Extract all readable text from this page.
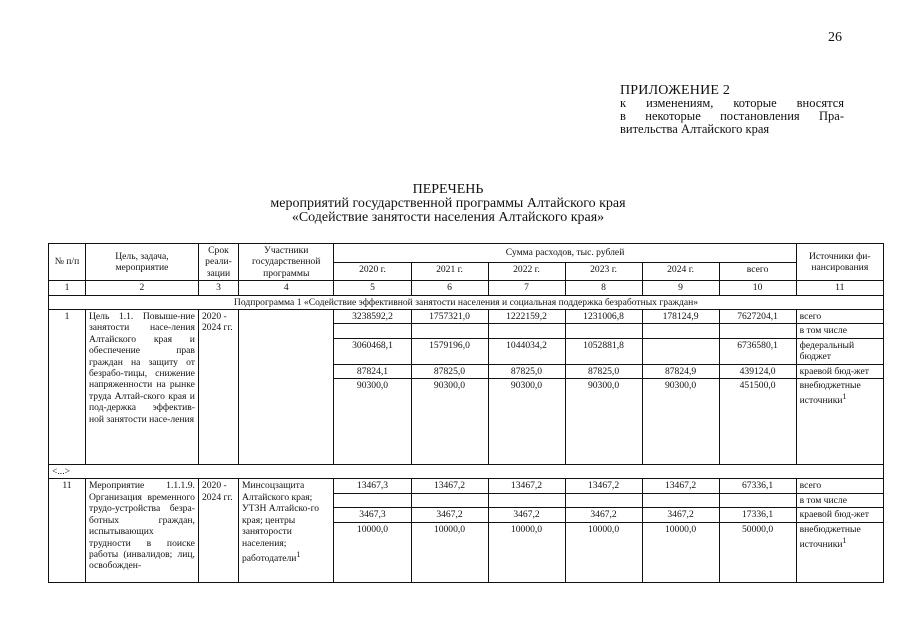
26
ПРИЛОЖЕНИЕ 2
к изменениям, которые вносятся
в некоторые постановления Пра-
вительства Алтайского края
ПЕРЕЧЕНЬ
мероприятий государственной программы Алтайского края
«Содействие занятости населения Алтайского края»
№ п/п	Цель, задача, мероприятие	Срок реали-зации	Участники государственной программы	Сумма расходов, тыс. рублей						Источники фи-нансирования
				2020 г.	2021 г.	2022 г.	2023 г.	2024 г.	всего	
1	2	3	4	5	6	7	8	9	10	11
Подпрограмма 1 «Содействие эффективной занятости населения и социальная поддержка безработных граждан»										
1	Цель 1.1. Повыше-ние занятости насе-ления Алтайского края и обеспечение прав граждан на защиту от безрабо-тицы, снижение напряженности на рынке труда Алтай-ского края и под-держка эффектив-ной занятости насе-ления	2020 - 2024 гг.		3238592,2	1757321,0	1222159,2	1231006,8	178124,9	7627204,1	всего
										в том числе
				3060468,1	1579196,0	1044034,2	1052881,8		6736580,1	федеральный бюджет
				87824,1	87825,0	87825,0	87825,0	87824,9	439124,0	краевой бюд-жет
				90300,0	90300,0	90300,0	90300,0	90300,0	451500,0	внебюджетные источники$^1$
<...>										
11	Мероприятие 1.1.1.9. Организация временного трудо-устройства безра-ботных граждан, испытывающих трудности в поиске работы (инвалидов; лиц, освобожден-	2020 - 2024 гг.	Минсоцзащита Алтайского края; УТЗН Алтайско-го края; центры заняторости населения; работодатели$^1$	13467,3	13467,2	13467,2	13467,2	13467,2	67336,1	всего
										в том числе
				3467,3	3467,2	3467,2	3467,2	3467,2	17336,1	краевой бюд-жет
				10000,0	10000,0	10000,0	10000,0	10000,0	50000,0	внебюджетные источники$^1$
